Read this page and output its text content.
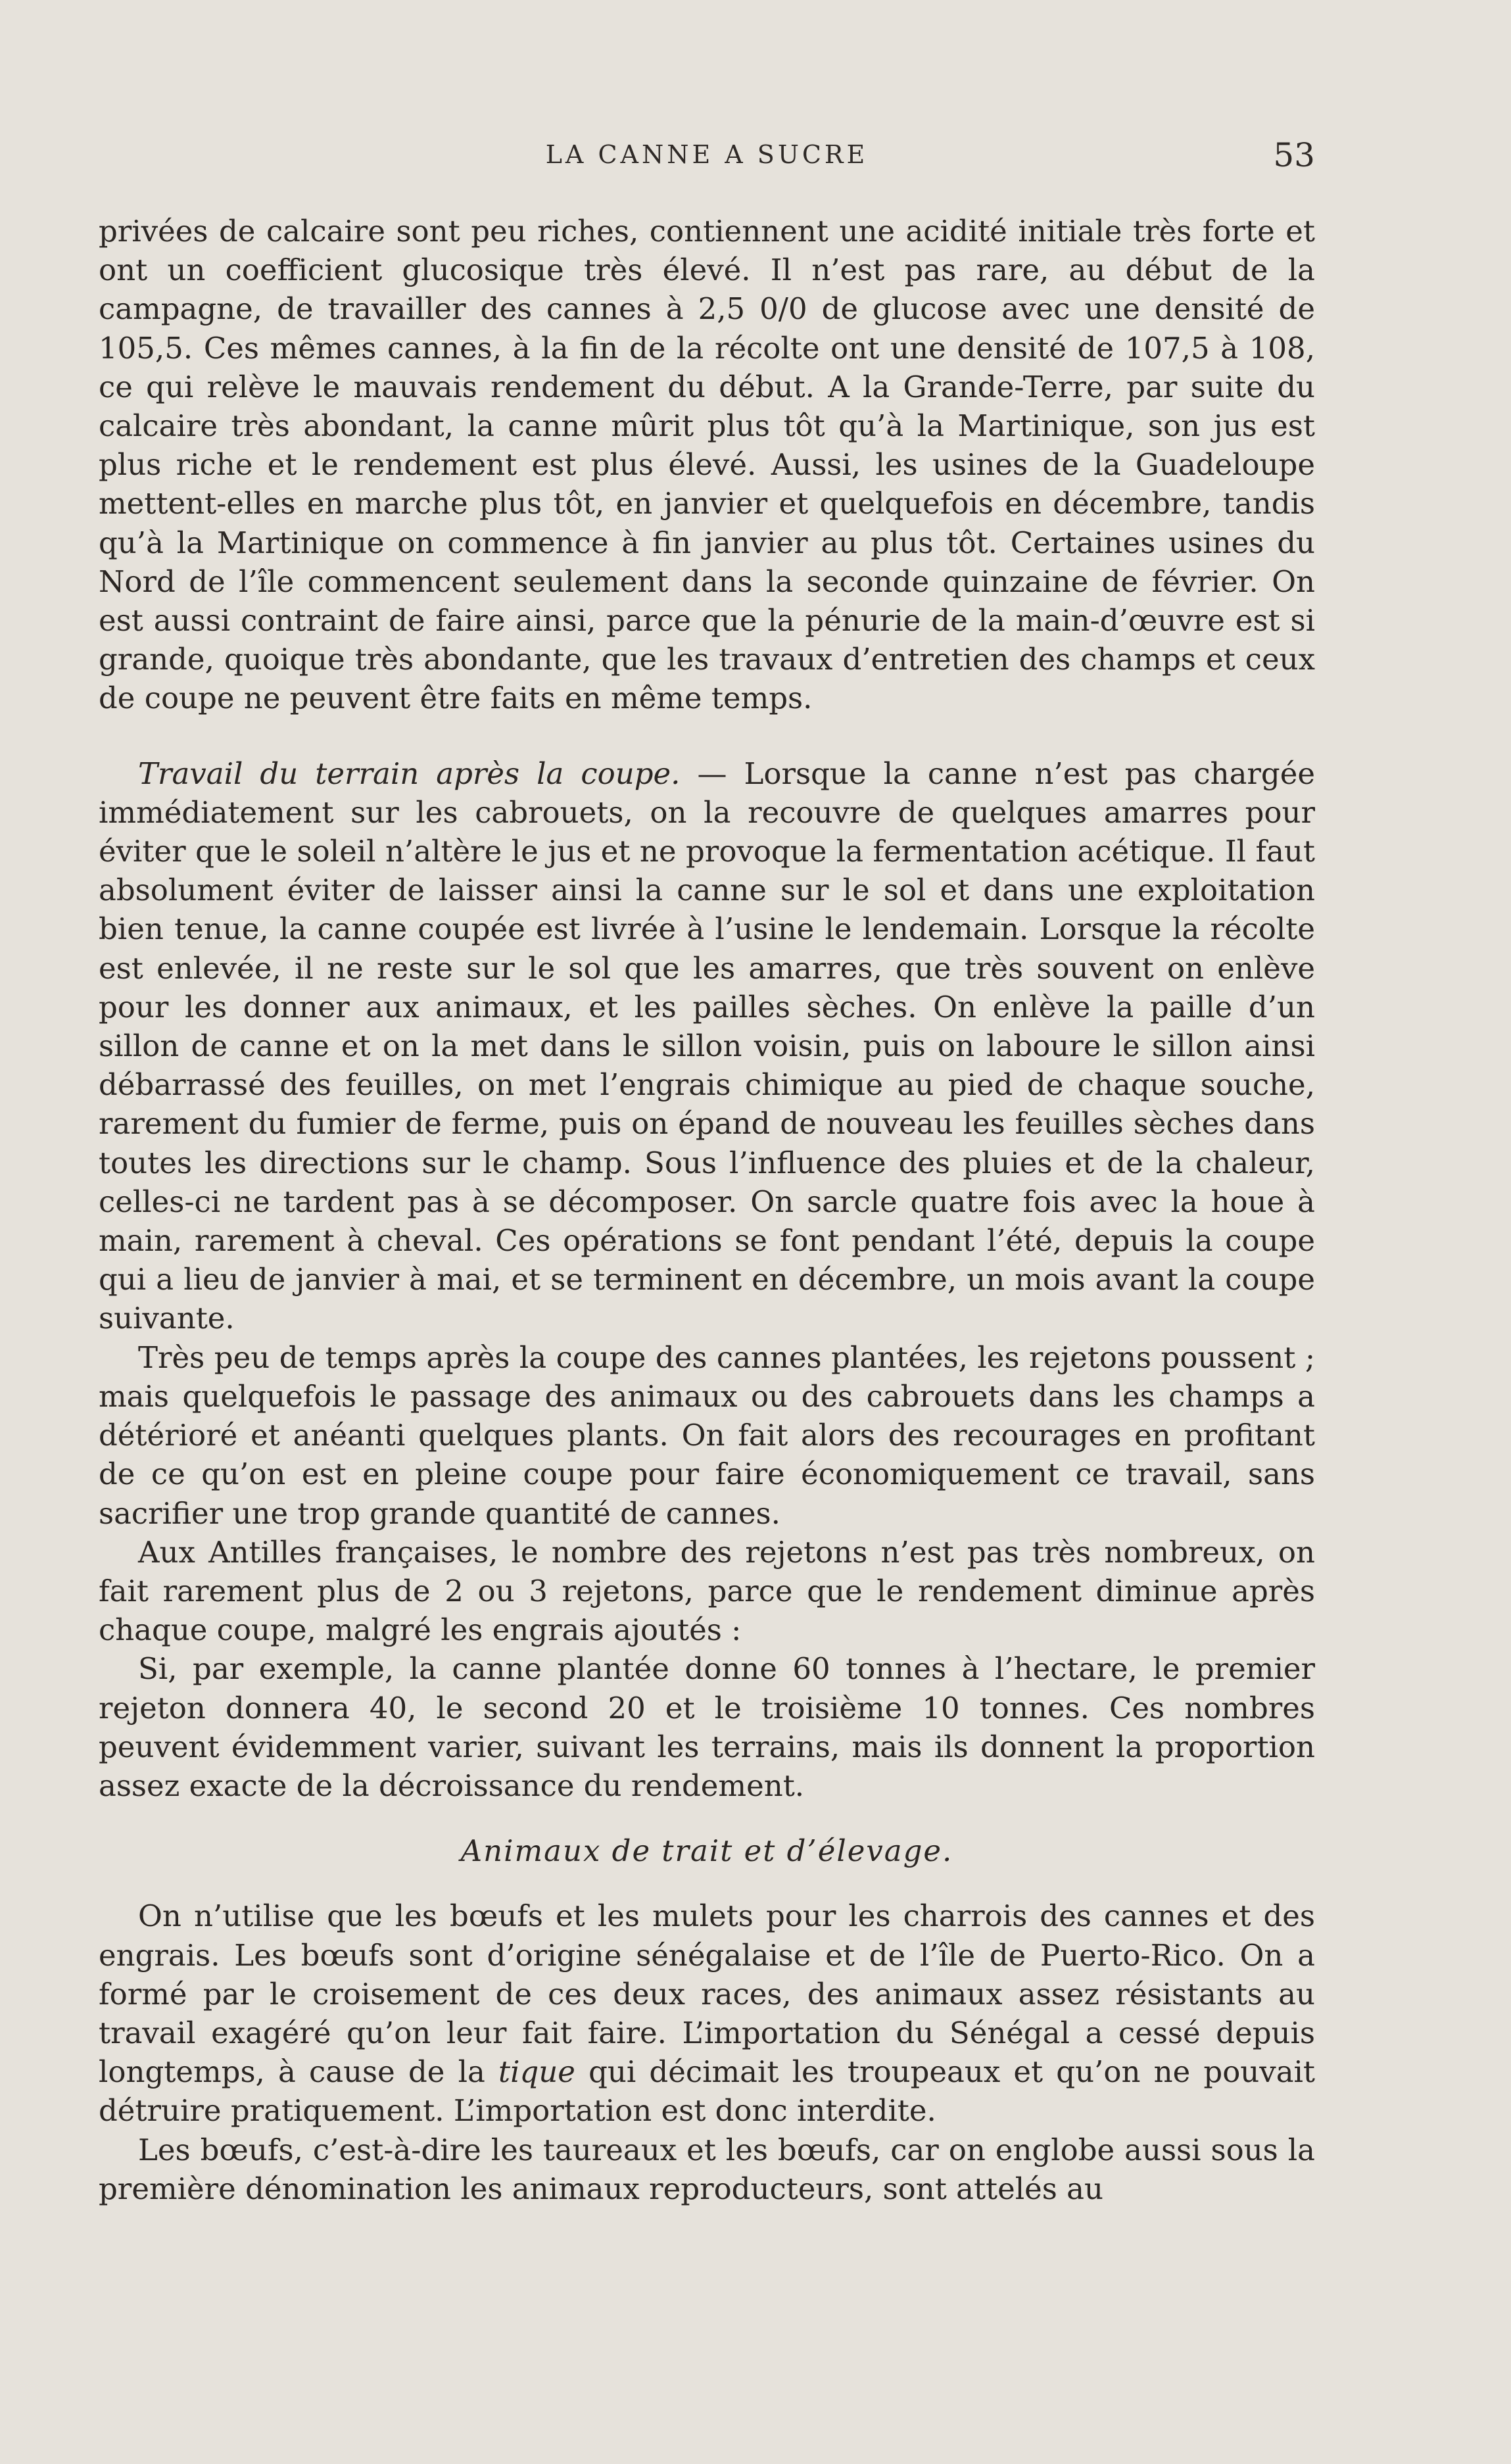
LA CANNE A SUCRE	53

privées de calcaire sont peu riches, contiennent une acidité initiale très forte et ont un coefficient glucosique très élevé. Il n’est pas rare, au début de la campagne, de travailler des cannes à 2,5 0/0 de glucose avec une densité de 105,5. Ces mêmes cannes, à la fin de la récolte ont une densité de 107,5 à 108, ce qui relève le mauvais rendement du début. A la Grande-Terre, par suite du calcaire très abondant, la canne mûrit plus tôt qu’à la Martinique, son jus est plus riche et le rendement est plus élevé. Aussi, les usines de la Guadeloupe mettent-elles en marche plus tôt, en janvier et quelquefois en décembre, tandis qu’à la Martinique on commence à fin janvier au plus tôt. Certaines usines du Nord de l’île commencent seulement dans la seconde quinzaine de février. On est aussi contraint de faire ainsi, parce que la pénurie de la main-d’œuvre est si grande, quoique très abondante, que les travaux d’entretien des champs et ceux de coupe ne peuvent être faits en même temps.

Travail du terrain après la coupe. — Lorsque la canne n’est pas chargée immédiatement sur les cabrouets, on la recouvre de quelques amarres pour éviter que le soleil n’altère le jus et ne provoque la fermentation acétique. Il faut absolument éviter de laisser ainsi la canne sur le sol et dans une exploitation bien tenue, la canne coupée est livrée à l’usine le lendemain. Lorsque la récolte est enlevée, il ne reste sur le sol que les amarres, que très souvent on enlève pour les donner aux animaux, et les pailles sèches. On enlève la paille d’un sillon de canne et on la met dans le sillon voisin, puis on laboure le sillon ainsi débarrassé des feuilles, on met l’engrais chimique au pied de chaque souche, rarement du fumier de ferme, puis on épand de nouveau les feuilles sèches dans toutes les directions sur le champ. Sous l’influence des pluies et de la chaleur, celles-ci ne tardent pas à se décomposer. On sarcle quatre fois avec la houe à main, rarement à cheval. Ces opérations se font pendant l’été, depuis la coupe qui a lieu de janvier à mai, et se terminent en décembre, un mois avant la coupe suivante.

Très peu de temps après la coupe des cannes plantées, les rejetons poussent ; mais quelquefois le passage des animaux ou des cabrouets dans les champs a détérioré et anéanti quelques plants. On fait alors des recourages en profitant de ce qu’on est en pleine coupe pour faire économiquement ce travail, sans sacrifier une trop grande quantité de cannes.

Aux Antilles françaises, le nombre des rejetons n’est pas très nombreux, on fait rarement plus de 2 ou 3 rejetons, parce que le rendement diminue après chaque coupe, malgré les engrais ajoutés :

Si, par exemple, la canne plantée donne 60 tonnes à l’hectare, le premier rejeton donnera 40, le second 20 et le troisième 10 tonnes. Ces nombres peuvent évidemment varier, suivant les terrains, mais ils donnent la proportion assez exacte de la décroissance du rendement.

Animaux de trait et d’élevage.

On n’utilise que les bœufs et les mulets pour les charrois des cannes et des engrais. Les bœufs sont d’origine sénégalaise et de l’île de Puerto-Rico. On a formé par le croisement de ces deux races, des animaux assez résistants au travail exagéré qu’on leur fait faire. L’importation du Sénégal a cessé depuis longtemps, à cause de la tique qui décimait les troupeaux et qu’on ne pouvait détruire pratiquement. L’importation est donc interdite.

Les bœufs, c’est-à-dire les taureaux et les bœufs, car on englobe aussi sous la première dénomination les animaux reproducteurs, sont attelés au
